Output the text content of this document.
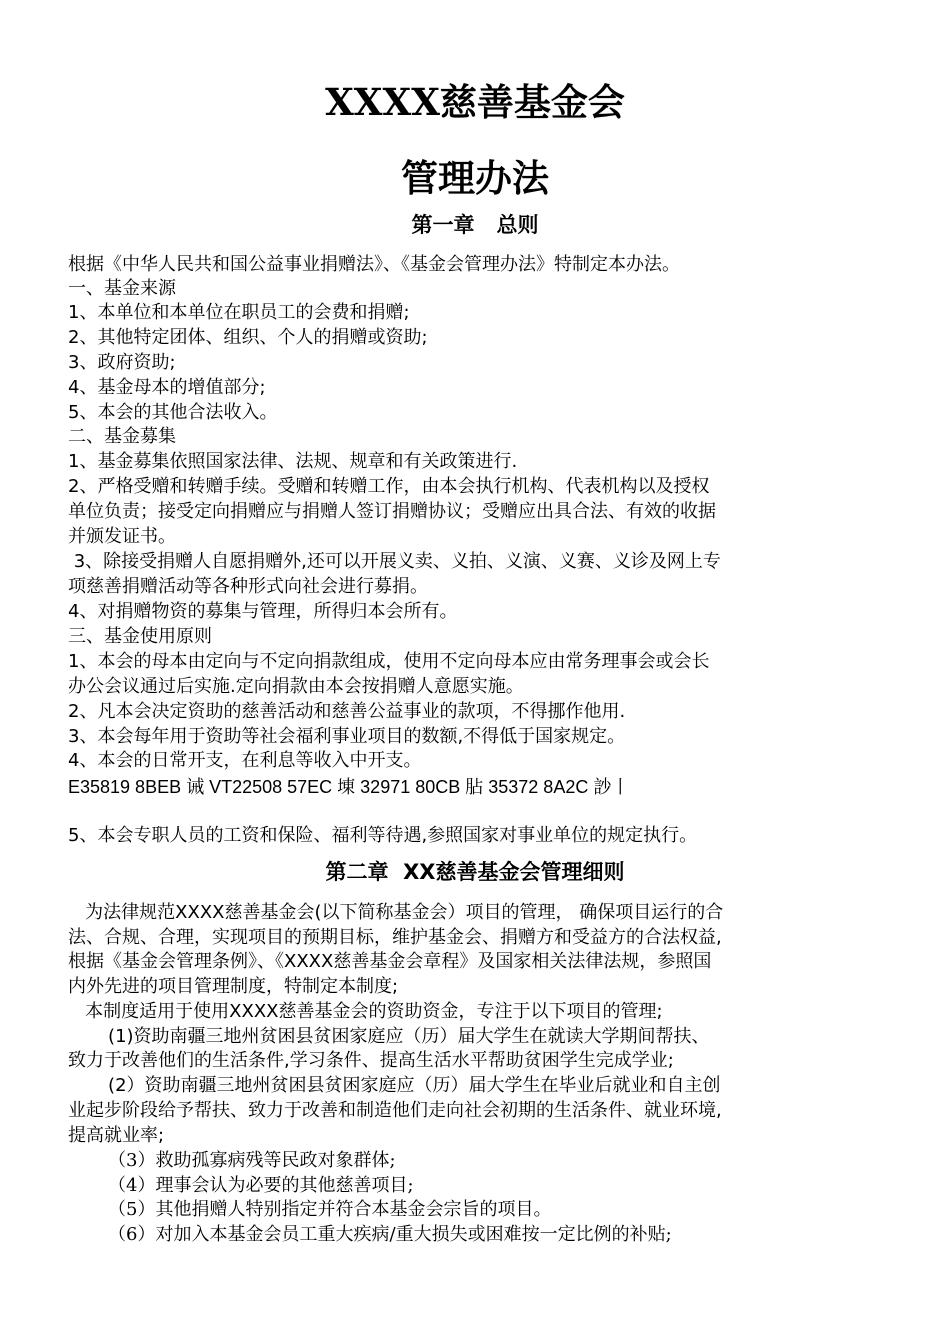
XXXX慈善基金会
管理办法
第一章   总则
根据《中华人民共和国公益事业捐赠法》、《基金会管理办法》特制定本办法。
一、基金来源
1、本单位和本单位在职员工的会费和捐赠;
2、其他特定团体、组织、个人的捐赠或资助;
3、政府资助;
4、基金母本的增值部分;
5、本会的其他合法收入。
二、基金募集
1、基金募集依照国家法律、法规、规章和有关政策进行.
2、严格受赠和转赠手续。受赠和转赠工作，由本会执行机构、代表机构以及授权
单位负责；接受定向捐赠应与捐赠人签订捐赠协议；受赠应出具合法、有效的收据
并颁发证书。
3、除接受捐赠人自愿捐赠外,还可以开展义卖、义拍、义演、义赛、义诊及网上专
项慈善捐赠活动等各种形式向社会进行募捐。
4、对捐赠物资的募集与管理，所得归本会所有。
三、基金使用原则
1、本会的母本由定向与不定向捐款组成，使用不定向母本应由常务理事会或会长
办公会议通过后实施.定向捐款由本会按捐赠人意愿实施。
2、凡本会决定资助的慈善活动和慈善公益事业的款项，不得挪作他用.
3、本会每年用于资助等社会福利事业项目的数额,不得低于国家规定。
4、本会的日常开支，在利息等收入中开支。
E35819 8BEB 诫 VT22508 57EC 埬 32971 80CB 胋 35372 8A2C 訬丨
5、本会专职人员的工资和保险、福利等待遇,参照国家对事业单位的规定执行。
第二章  XX慈善基金会管理细则
为法律规范XXXX慈善基金会(以下简称基金会）项目的管理， 确保项目运行的合
法、合规、合理，实现项目的预期目标，维护基金会、捐赠方和受益方的合法权益,
根据《基金会管理条例》、《XXXX慈善基金会章程》及国家相关法律法规，参照国
内外先进的项目管理制度，特制定本制度;
本制度适用于使用XXXX慈善基金会的资助资金，专注于以下项目的管理;
(1)资助南疆三地州贫困县贫困家庭应（历）届大学生在就读大学期间帮扶、
致力于改善他们的生活条件,学习条件、提高生活水平帮助贫困学生完成学业;
(2）资助南疆三地州贫困县贫困家庭应（历）届大学生在毕业后就业和自主创
业起步阶段给予帮扶、致力于改善和制造他们走向社会初期的生活条件、就业环境,
提高就业率;
（3）救助孤寡病残等民政对象群体;
（4）理事会认为必要的其他慈善项目;
（5）其他捐赠人特别指定并符合本基金会宗旨的项目。
（6）对加入本基金会员工重大疾病/重大损失或困难按一定比例的补贴;
